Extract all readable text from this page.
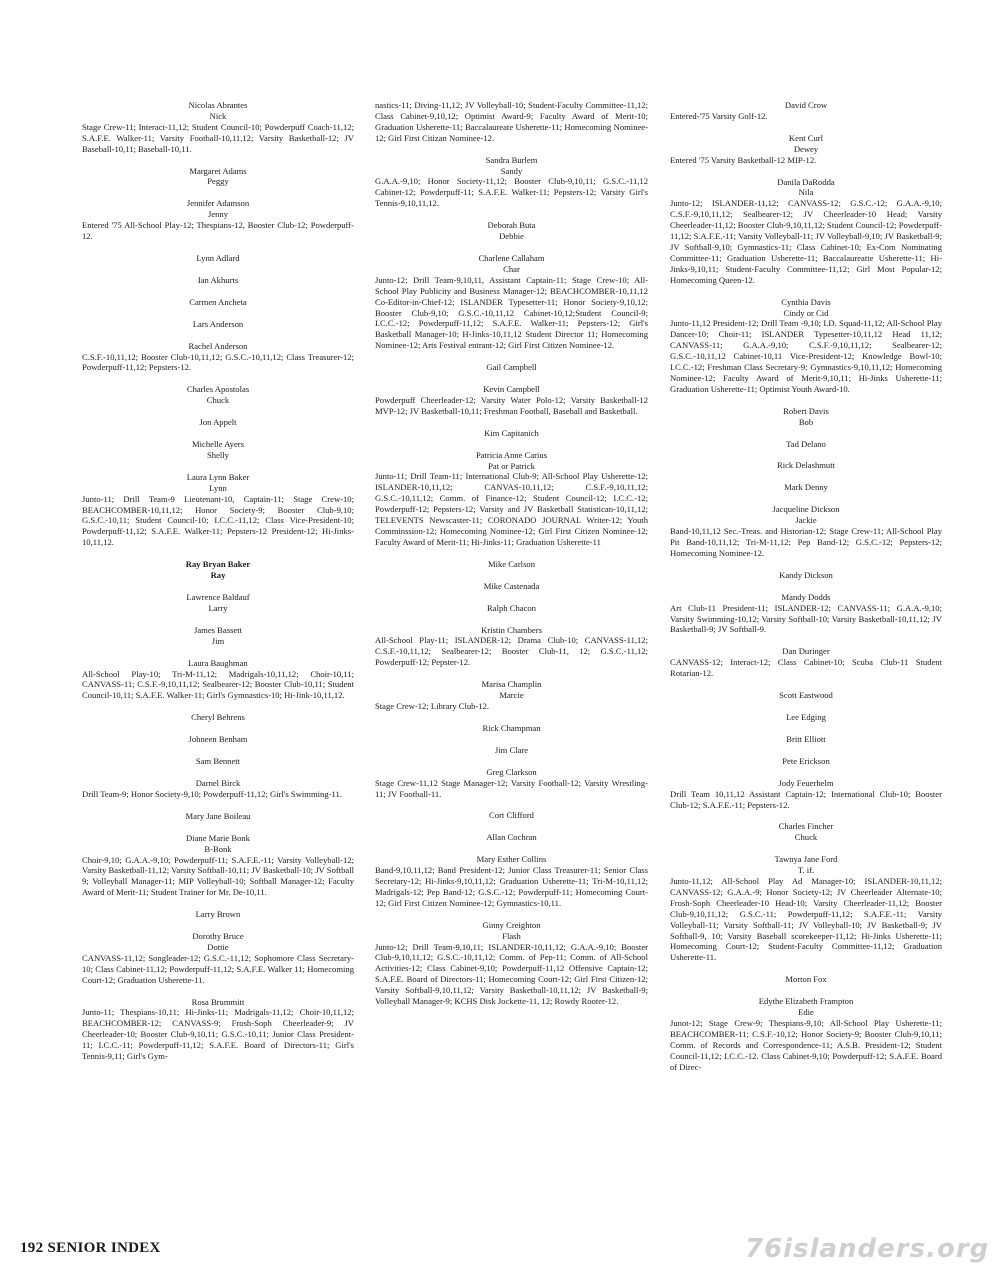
Nicolas Abrantes
Nick
Stage Crew-11; Interact-11,12; Student Council-10; Powderpuff Coach-11,12; S.A.F.E. Walker-11; Varsity Football-10,11,12; Varsity Basketball-12; JV Baseball-10,11; Baseball-10,11.
Margaret Adams
Peggy
Jennifer Adamson
Jenny
Entered '75 All-School Play-12; Thespians-12, Booster Club-12; Powderpuff-12.
Lynn Adlard
Ian Akhurts
Carmen Ancheta
Lars Anderson
Rachel Anderson
C.S.F.-10,11,12; Booster Club-10,11,12; G.S.C.-10,11,12; Class Treasurer-12; Powderpuff-11,12; Pepsters-12.
Charles Apostolas
Chuck
Jon Appelt
Michelle Ayers
Shelly
Laura Lynn Baker
Lynn
Junto-11; Drill Team-9 Lieutenant-10, Captain-11; Stage Crew-10; BEACHCOMBER-10,11,12; Honor Society-9; Booster Club-9,10; G.S.C.-10,11; Student Council-10; I.C.C.-11,12; Class Vice-President-10; Powderpuff-11,12; S.A.F.E. Walker-11; Pepsters-12 President-12; Hi-Jinks-10,11,12.
Ray Bryan Baker
Ray
Lawrence Baldauf
Larry
James Bassett
Jim
Laura Baughman
All-School Play-10; Tri-M-11,12; Madrigals-10,11,12; Choir-10,11; CANVASS-11; C.S.F.-9,10,11,12; Sealbearer-12; Booster Club-10,11; Student Council-10,11; S.A.F.E. Walker-11; Girl's Gymnastics-10; Hi-Jink-10,11,12.
Cheryl Behrens
Johneen Benham
Sam Bennett
Darnel Birck
Drill Team-9; Honor Society-9,10; Powderpuff-11,12; Girl's Swimming-11.
Mary Jane Boileau
Diane Marie Bonk
B-Bonk
Choir-9,10; G.A.A.-9,10; Powderpuff-11; S.A.F.E.-11; Varsity Volleyball-12; Varsity Basketball-11,12; Varsity Softball-10,11; JV Basketball-10; JV Softball 9; Volleyball Manager-11; MIP Volleyball-10; Softball Manager-12; Faculty Award of Merit-11; Student Trainer for Mr. De-10,11.
Larry Brown
Dorothy Bruce
Dottie
CANVASS-11,12; Songleader-12; G.S.C.-11,12; Sophomore Class Secretary-10; Class Cabinet-11,12; Powderpuff-11,12; S.A.F.E. Walker 11; Homecoming Court-12; Graduation Usherette-11.
Rosa Brummitt
Junto-11; Thespians-10,11; Hi-Jinks-11; Madrigals-11,12; Choir-10,11,12; BEACHCOMBER-12; CANVASS-9; Frosh-Soph Cheerleader-9; JV Cheerleader-10; Booster Club-9,10,11; G.S.C.-10,11; Junior Class President-11; I.C.C.-11; Powderpuff-11,12; S.A.F.E. Board of Directors-11; Girl's Tennis-9,11; Girl's Gym-
nastics-11; Diving-11,12; JV Volleyball-10; Student-Faculty Committee-11,12; Class Cabinet-9,10,12; Optimist Award-9; Faculty Award of Merit-10; Graduation Usherette-11; Baccalaureate Usherette-11; Homecoming Nominee-12; Girl First Citizan Nominee-12.
Sandra Burlem
Sandy
G.A.A.-9,10; Honor Society-11,12; Booster Club-9,10,11; G.S.C.-11,12 Cabinet-12; Powderpuff-11; S.A.F.E. Walker-11; Pepsters-12; Varsity Girl's Tennis-9,10,11,12.
Deborah Buta
Debbie
Charlene Callaham
Char
Junto-12; Drill Team-9,10,11, Assistant Captain-11; Stage Crew-10; All-School Play Publicity and Business Manager-12; BEACHCOMBER-10,11,12 Co-Editor-in-Chief-12; ISLANDER Typesetter-11; Honor Society-9,10,12; Booster Club-9,10; G.S.C.-10,11,12 Cabinet-10,12;Student Council-9; I.C.C.-12; Powderpuff-11,12; S.A.F.E. Walker-11; Pepsters-12; Girl's Basketball Manager-10; H-Jinks-10,11,12 Student Director 11; Homecoming Nominee-12; Arts Festival entrant-12; Girl First Citizen Nominee-12.
Gail Campbell
Kevin Campbell
Powderpuff Cheerleader-12; Varsity Water Polo-12; Varsity Basketball-12 MVP-12; JV Basketball-10,11; Freshman Football, Baseball and Basketball.
Kim Capitanich
Patricia Anne Carius
Pat or Patrick
Junto-11; Drill Team-11; International Club-9; All-School Play Usherette-12; ISLANDER-10,11,12; CANVAS-10,11,12; C.S.F.-9,10,11,12; G.S.C.-10,11,12; Comm. of Finance-12; Student Council-12; I.C.C.-12; Powderpuff-12; Pepsters-12; Varsity and JV Basketball Statistican-10,11,12; TELEVENTS Newscaster-11; CORONADO JOURNAL Writer-12; Youth Comminssion-12; Homecoming Nominee-12; Girl First Citizen Nominee-12; Faculty Award of Merit-11; Hi-Jinks-11; Graduation Usherette-11
Mike Carlson
Mike Castenada
Ralph Chacon
Kristin Chambers
All-School Play-11; ISLANDER-12; Drama Club-10; CANVASS-11,12; C.S.F.-10,11,12; Sealbearer-12; Booster Club-11, 12; G.S.C.-11,12; Powderpuff-12; Pepster-12.
Marisa Champlin
Marcie
Stage Crew-12; Library Club-12.
Rick Champman
Jim Clare
Greg Clarkson
Stage Crew-11,12 Stage Manager-12; Varsity Football-12; Varsity Wrestling-11; JV Football-11.
Cort Clifford
Allan Cochran
Mary Esther Collins
Band-9,10,11,12; Band President-12; Junior Class Treasurer-11; Senior Class Secretary-12; Hi-Jinks-9,10,11,12; Graduation Usherette-11; Tri-M-10,11,12; Madrigals-12; Pep Band-12; G.S.C.-12; Powderpuff-11; Homecoming Court-12; Girl First Citizen Nominee-12; Gymnastics-10,11.
Ginny Creighton
Flash
Junto-12; Drill Team-9,10,11; ISLANDER-10,11,12; G.A.A.-9,10; Booster Club-9,10,11,12; G.S.C.-10,11,12; Comm. of Pep-11; Comm. of All-School Activities-12; Class Cabinet-9,10; Powderpuff-11,12 Offensive Captain-12; S.A.F.E. Board of Directors-11; Homecoming Court-12; Girl First Citizen-12; Varsity Softball-9,10,11,12; Varsity Basketball-10,11,12; JV Basketball-9; Volleyball Manager-9; KCHS Disk Jockette-11, 12; Rowdy Rooter-12.
David Crow
Entered-'75 Varsity Golf-12.
Kent Curl
Dewey
Entered '75 Varsity Basketball-12 MIP-12.
Danila DaRodda
Nila
Junto-12; ISLANDER-11,12; CANVASS-12; G.S.C.-12; G.A.A.-9,10; C.S.F.-9,10,11,12; Sealbearer-12; JV Cheerleader-10 Head; Varsity Cheerleader-11,12; Booster Club-9,10,11,12; Student Council-12; Powderpuff-11,12; S.A.F.E.-11; Varsity Volleyball-11; JV Volleyball-9,10; JV Basketball-9; JV Softball-9,10; Gymnastics-11; Class Cabinet-10; Ex-Com Nominating Committee-11; Graduation Usherette-11; Baccalaureatte Usherette-11; Hi-Jinks-9,10,11; Student-Faculty Committee-11,12; Girl Most Popular-12; Homecoming Queen-12.
Cynthia Davis
Cindy or Cid
Junto-11,12 President-12; Drill Team -9,10; I.D. Squad-11,12; All-School Play Dancer-10; Choir-11; ISLANDER Typesetter-10,11,12 Head 11,12; CANVASS-11; G.A.A.-9,10; C.S.F.-9,10,11,12; Sealbearer-12; G.S.C.-10,11,12 Cabinet-10,11 Vice-President-12; Knowledge Bowl-10; I.C.C.-12; Freshman Class Secretary-9; Gymnastics-9,10,11,12; Homecoming Nominee-12; Faculty Award of Merit-9,10,11; Hi-Jinks Usherette-11; Graduation Usherette-11; Optimist Youth Award-10.
Robert Davis
Bob
Tad Delano
Rick Delashmutt
Mark Denny
Jacqueline Dickson
Jackie
Band-10,11,12 Sec.-Treas. and Historian-12; Stage Crew-11; All-School Play Pit Band-10,11,12; Tri-M-11,12; Pep Band-12; G.S.C.-12; Pepsters-12; Homecoming Nominee-12.
Kandy Dickson
Mandy Dodds
Art Club-11 President-11; ISLANDER-12; CANVASS-11; G.A.A.-9,10; Varsity Swimming-10,12; Varsity Softball-10; Varsity Basketball-10,11,12; JV Basketball-9; JV Softball-9.
Dan Duringer
CANVASS-12; Interact-12; Class Cabinet-10; Scuba Club-11 Student Rotarian-12.
Scott Eastwood
Lee Edging
Britt Elliott
Pete Erickson
Jody Feuerhelm
Drill Team 10,11,12 Assistant Captain-12; International Club-10; Booster Club-12; S.A.F.E.-11; Pepsters-12.
Charles Fincher
Chuck
Tawnya Jane Ford
T. if.
Junto-11,12; All-School Play Ad Manager-10; ISLANDER-10,11,12; CANVASS-12; G.A.A.-9; Honor Society-12; JV Cheerleader Alternate-10; Frosh-Soph Cheerleader-10 Head-10; Varsity Cheerleader-11,12; Booster Club-9,10,11,12; G.S.C.-11; Powderpuff-11,12; S.A.F.E.-11; Varsity Volleyball-11; Varsity Softball-11; JV Volleyball-10; JV Basketball-9; JV Softball-9, 10; Varsity Baseball scorekeeper-11,12; Hi-Jinks Usherette-11; Homecoming Court-12; Student-Faculty Committee-11,12; Graduation Usherette-11.
Morton Fox
Edythe Elizabeth Frampton
Edie
Junot-12; Stage Crew-9; Thespians-9,10; All-School Play Usherette-11; BEACHCOMBER-11; C.S.F.-10,12; Honor Society-9; Booster Club-9,10,11; Comm. of Records and Correspondence-11; A.S.B. President-12; Student Council-11,12; I.C.C.-12. Class Cabinet-9,10; Powderpuff-12; S.A.F.E. Board of Direc-
192 SENIOR INDEX	76islanders.org
